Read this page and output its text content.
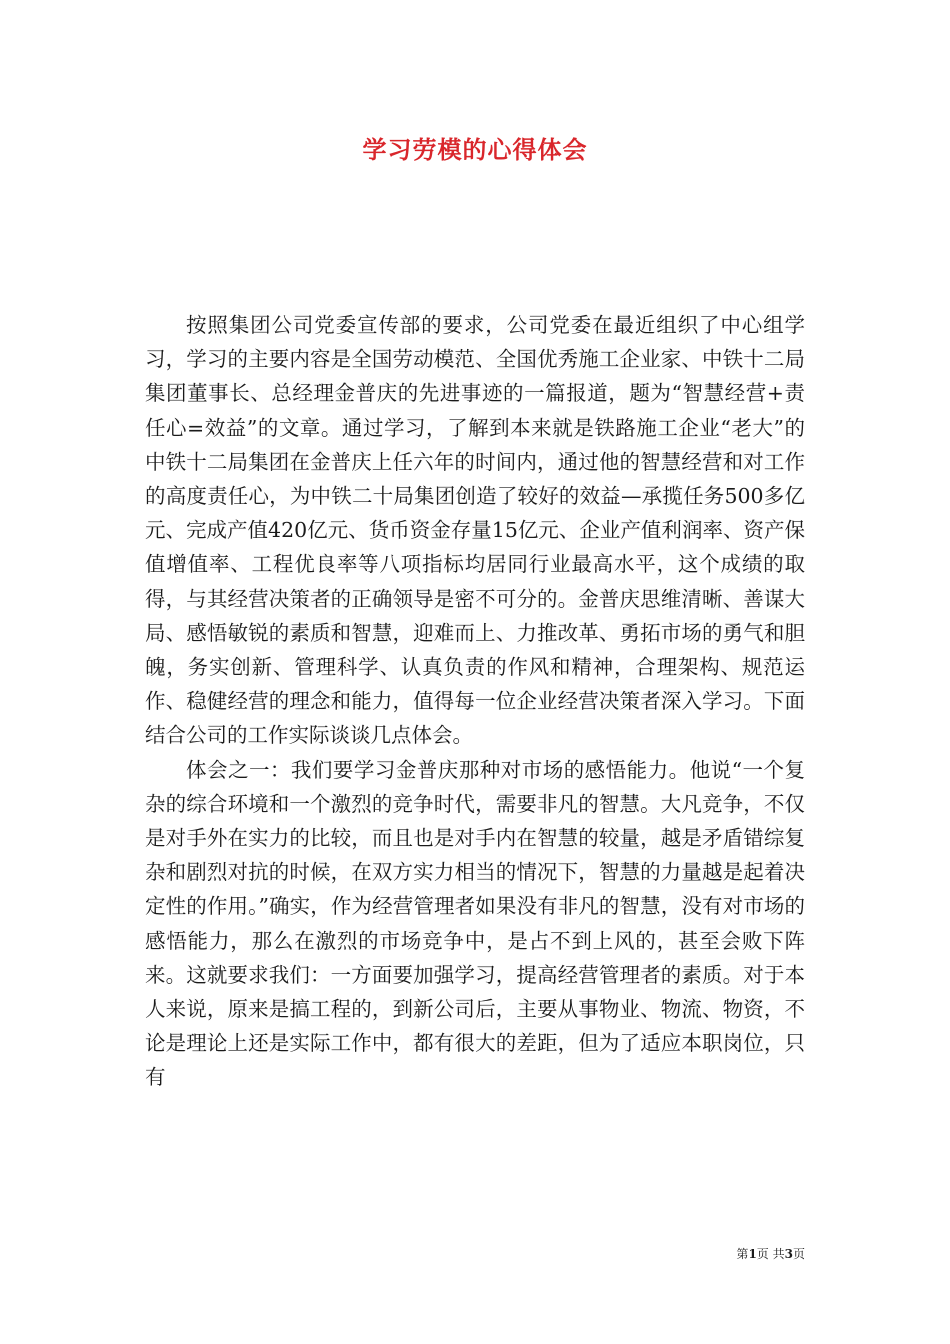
学习劳模的心得体会

按照集团公司党委宣传部的要求，公司党委在最近组织了中心组学习，学习的主要内容是全国劳动模范、全国优秀施工企业家、中铁十二局集团董事长、总经理金普庆的先进事迹的一篇报道，题为“智慧经营+责任心=效益”的文章。通过学习，了解到本来就是铁路施工企业“老大”的中铁十二局集团在金普庆上任六年的时间内，通过他的智慧经营和对工作的高度责任心，为中铁二十局集团创造了较好的效益—承揽任务500多亿元、完成产值420亿元、货币资金存量15亿元、企业产值利润率、资产保值增值率、工程优良率等八项指标均居同行业最高水平，这个成绩的取得，与其经营决策者的正确领导是密不可分的。金普庆思维清晰、善谋大局、感悟敏锐的素质和智慧，迎难而上、力推改革、勇拓市场的勇气和胆魄，务实创新、管理科学、认真负责的作风和精神，合理架构、规范运作、稳健经营的理念和能力，值得每一位企业经营决策者深入学习。下面结合公司的工作实际谈谈几点体会。

体会之一：我们要学习金普庆那种对市场的感悟能力。他说“一个复杂的综合环境和一个激烈的竞争时代，需要非凡的智慧。大凡竞争，不仅是对手外在实力的比较，而且也是对手内在智慧的较量，越是矛盾错综复杂和剧烈对抗的时候，在双方实力相当的情况下，智慧的力量越是起着决定性的作用。”确实，作为经营管理者如果没有非凡的智慧，没有对市场的感悟能力，那么在激烈的市场竞争中，是占不到上风的，甚至会败下阵来。这就要求我们：一方面要加强学习，提高经营管理者的素质。对于本人来说，原来是搞工程的，到新公司后，主要从事物业、物流、物资，不论是理论上还是实际工作中，都有很大的差距，但为了适应本职岗位，只有

第1页 共3页
